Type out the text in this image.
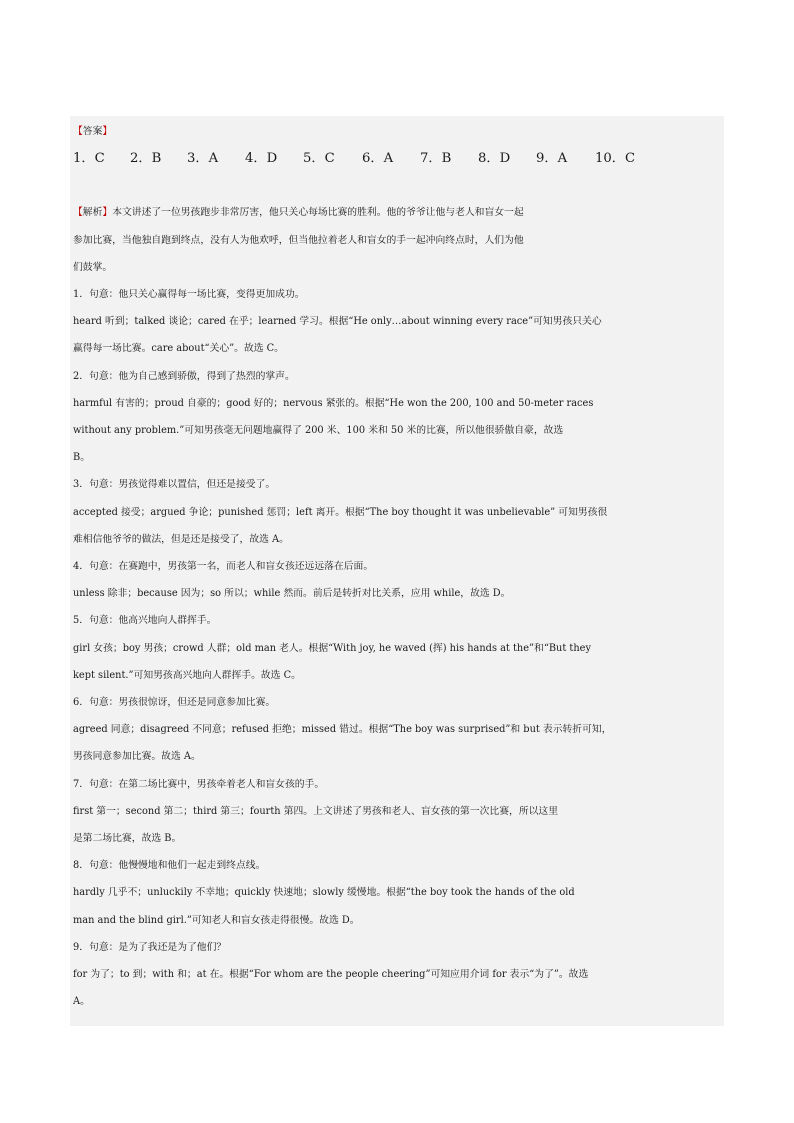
【答案】
1．C	2．B	3．A	4．D	5．C	6．A	7．B	8．D	9．A	10．C
【解析】本文讲述了一位男孩跑步非常厉害，他只关心每场比赛的胜利。他的爷爷让他与老人和盲女一起
参加比赛，当他独自跑到终点，没有人为他欢呼，但当他拉着老人和盲女的手一起冲向终点时，人们为他
们鼓掌。
1．句意：他只关心赢得每一场比赛，变得更加成功。
heard 听到；talked 谈论；cared 在乎；learned 学习。根据“He only…about winning every race”可知男孩只关心
赢得每一场比赛。care about“关心”。故选 C。
2．句意：他为自己感到骄傲，得到了热烈的掌声。
harmful 有害的；proud 自豪的；good 好的；nervous 紧张的。根据“He won the 200, 100 and 50-meter races
without any problem.”可知男孩毫无问题地赢得了 200 米、100 米和 50 米的比赛，所以他很骄傲自豪，故选
B。
3．句意：男孩觉得难以置信，但还是接受了。
accepted 接受；argued 争论；punished 惩罚；left 离开。根据“The boy thought it was unbelievable” 可知男孩很
难相信他爷爷的做法，但是还是接受了，故选 A。
4．句意：在赛跑中，男孩第一名，而老人和盲女孩还远远落在后面。
unless 除非；because 因为；so 所以；while 然而。前后是转折对比关系，应用 while，故选 D。
5．句意：他高兴地向人群挥手。
girl 女孩；boy 男孩；crowd 人群；old man 老人。根据“With joy, he waved (挥) his hands at the”和“But they
kept silent.”可知男孩高兴地向人群挥手。故选 C。
6．句意：男孩很惊讶，但还是同意参加比赛。
agreed 同意；disagreed 不同意；refused 拒绝；missed 错过。根据“The boy was surprised”和 but 表示转折可知，
男孩同意参加比赛。故选 A。
7．句意：在第二场比赛中，男孩牵着老人和盲女孩的手。
first 第一；second 第二；third 第三；fourth 第四。上文讲述了男孩和老人、盲女孩的第一次比赛，所以这里
是第二场比赛，故选 B。
8．句意：他慢慢地和他们一起走到终点线。
hardly 几乎不；unluckily 不幸地；quickly 快速地；slowly 缓慢地。根据“the boy took the hands of the old
man and the blind girl.”可知老人和盲女孩走得很慢。故选 D。
9．句意：是为了我还是为了他们？
for 为了；to 到；with 和；at 在。根据“For whom are the people cheering”可知应用介词 for 表示“为了”。故选
A。
